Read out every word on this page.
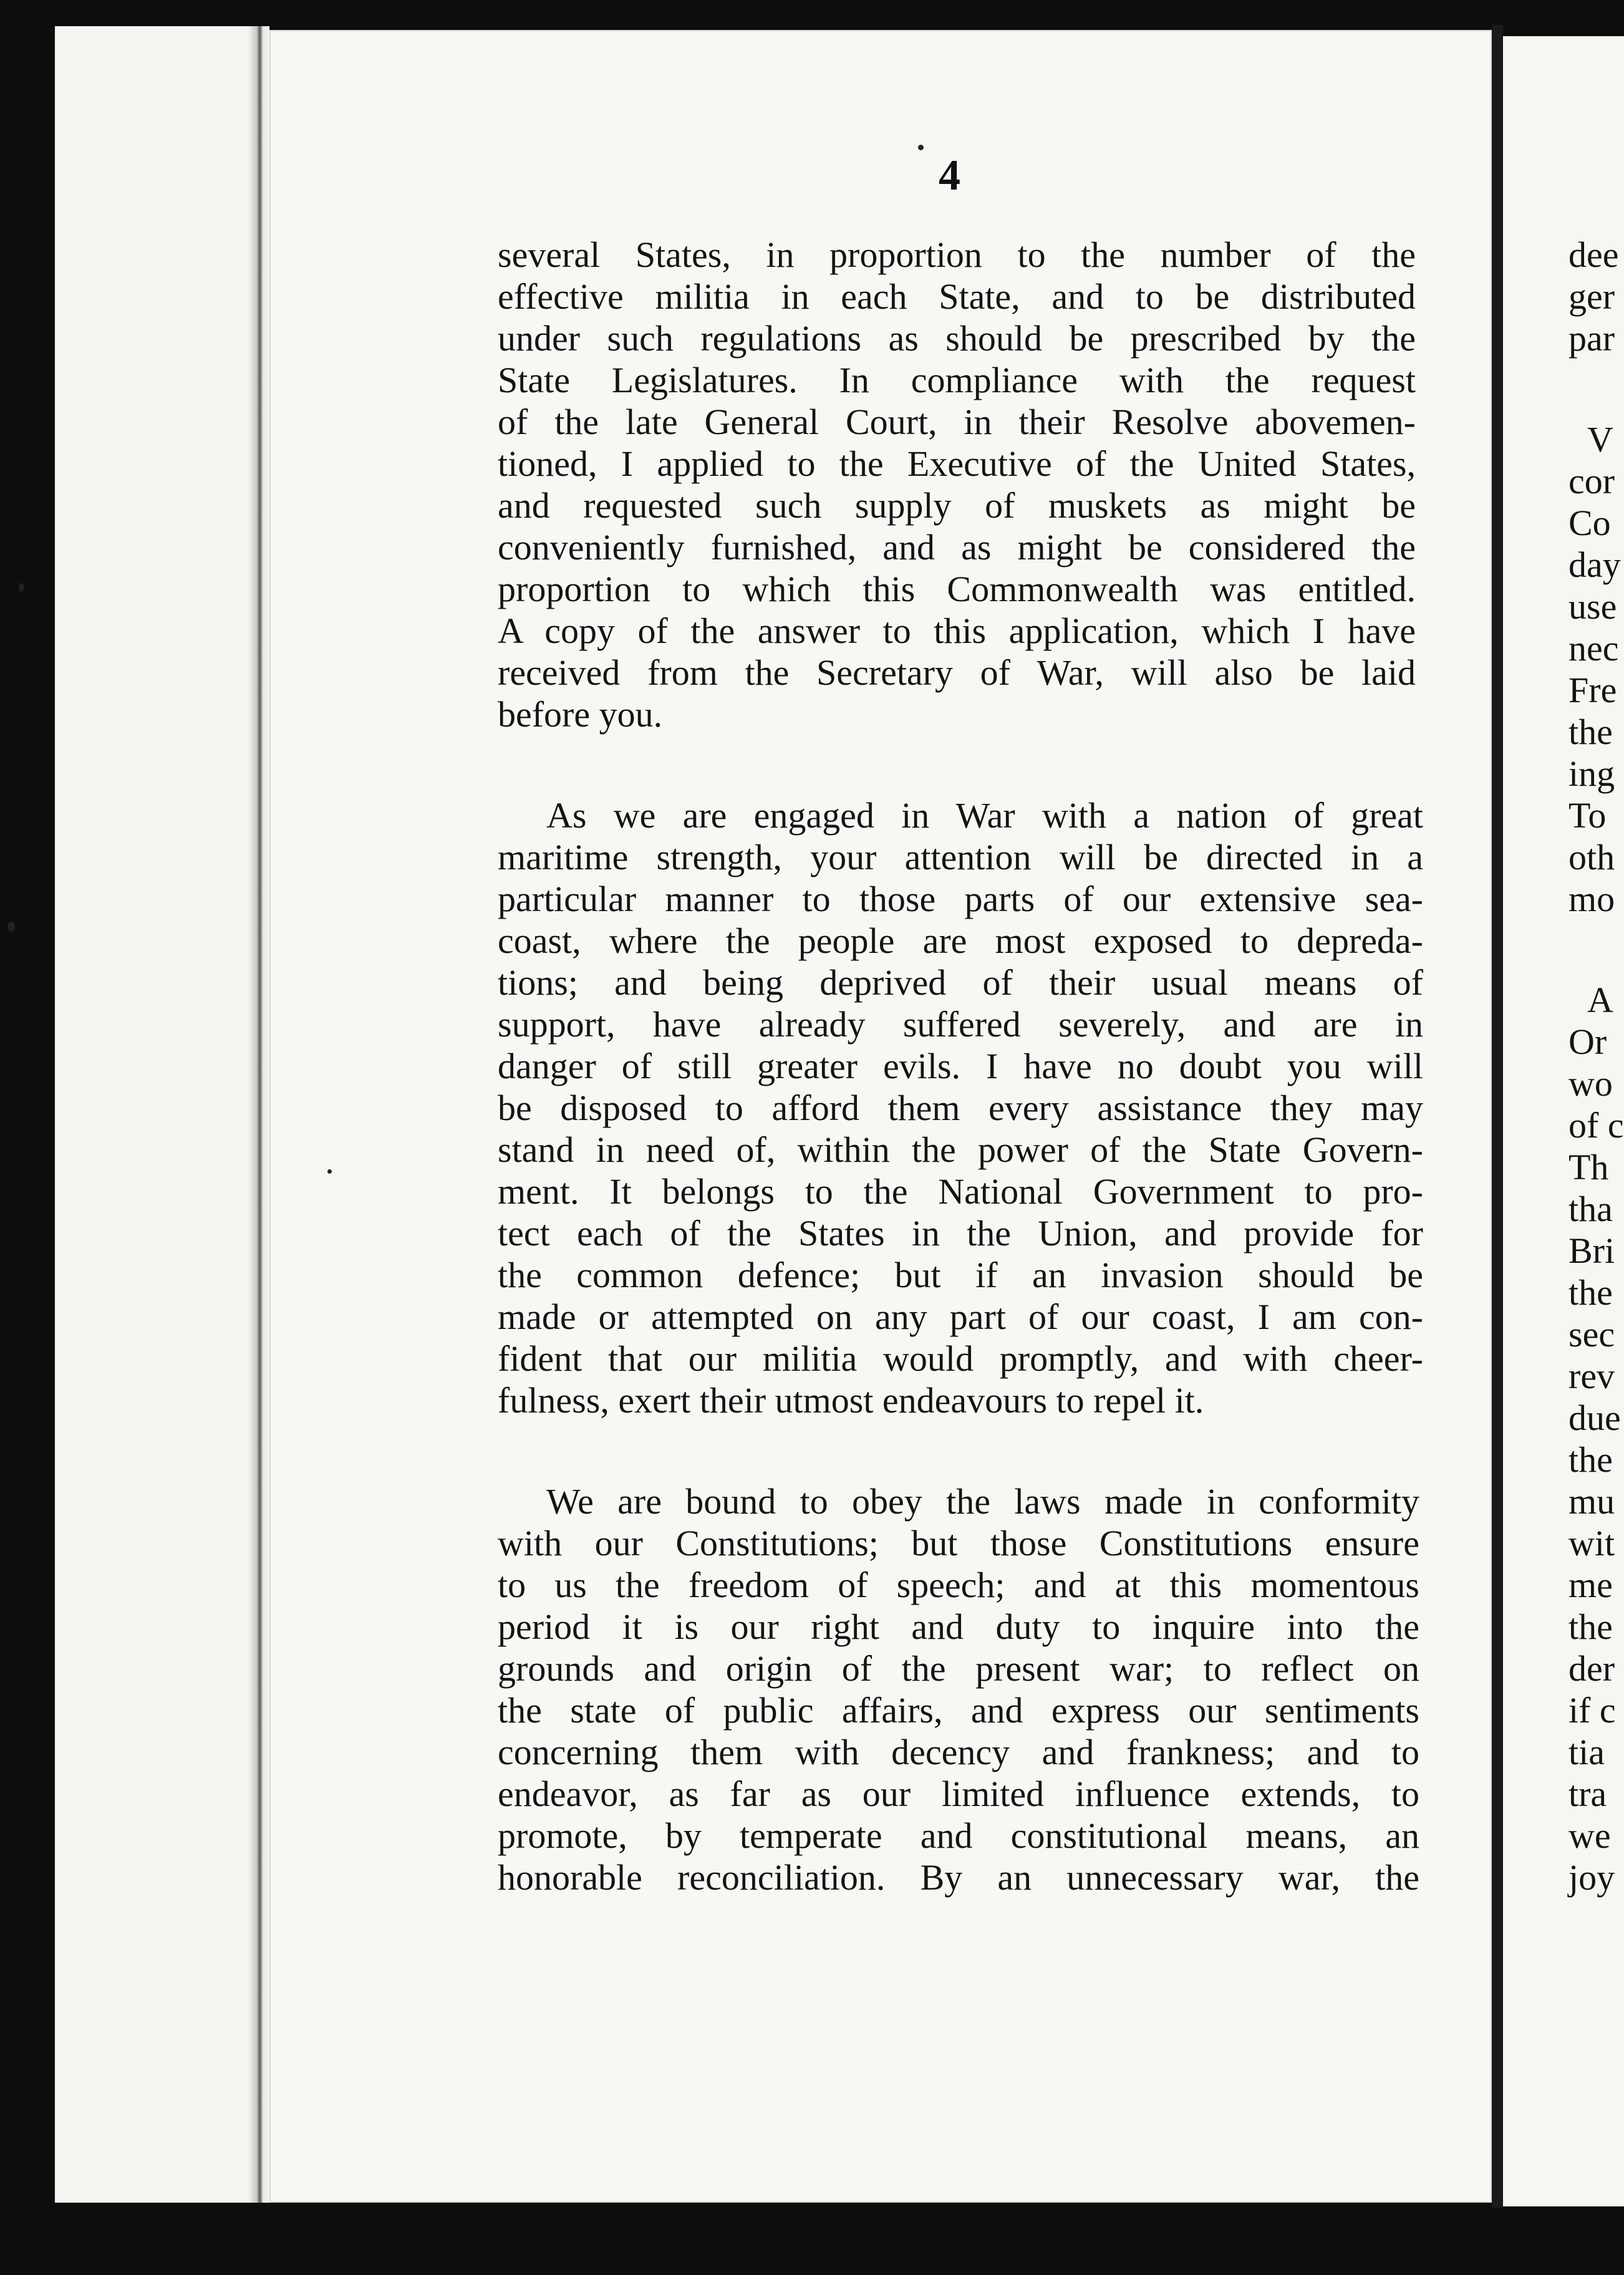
4
several States, in proportion to the number of the
effective militia in each State, and to be distributed
under such regulations as should be prescribed by the
State Legislatures. In compliance with the request
of the late General Court, in their Resolve abovemen-
tioned, I applied to the Executive of the United States,
and requested such supply of muskets as might be
conveniently furnished, and as might be considered the
proportion to which this Commonwealth was entitled.
A copy of the answer to this application, which I have
received from the Secretary of War, will also be laid
before you.
As we are engaged in War with a nation of great
maritime strength, your attention will be directed in a
particular manner to those parts of our extensive sea-
coast, where the people are most exposed to depreda-
tions; and being deprived of their usual means of
support, have already suffered severely, and are in
danger of still greater evils. I have no doubt you will
be disposed to afford them every assistance they may
stand in need of, within the power of the State Govern-
ment. It belongs to the National Government to pro-
tect each of the States in the Union, and provide for
the common defence; but if an invasion should be
made or attempted on any part of our coast, I am con-
fident that our militia would promptly, and with cheer-
fulness, exert their utmost endeavours to repel it.
We are bound to obey the laws made in conformity
with our Constitutions; but those Constitutions ensure
to us the freedom of speech; and at this momentous
period it is our right and duty to inquire into the
grounds and origin of the present war; to reflect on
the state of public affairs, and express our sentiments
concerning them with decency and frankness; and to
endeavor, as far as our limited influence extends, to
promote, by temperate and constitutional means, an
honorable reconciliation. By an unnecessary war, the
dee
ger
par
V
cor
Co
day
use
nec
Fre
the
ing
To
oth
mo
A
Or
wo
of c
Th
tha
Bri
the
sec
rev
due
the
mu
wit
me
the
der
if c
tia
tra
we
joy
